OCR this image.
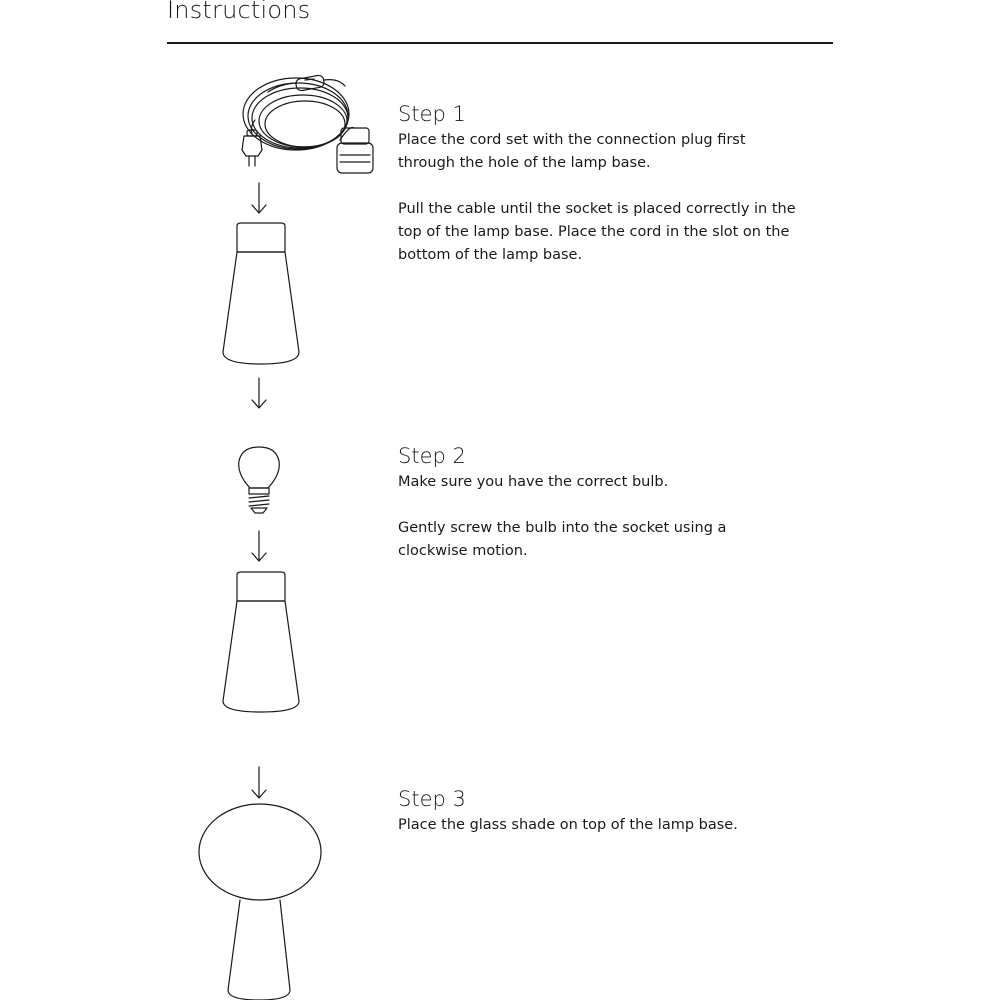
Instructions
Step 1

Place the cord set with the connection plug first through the hole of the lamp base.

Pull the cable until the socket is placed correctly in the top of the lamp base. Place the cord in the slot on the bottom of the lamp base.

Step 2

Make sure you have the correct bulb.

Gently screw the bulb into the socket using a clockwise motion.

Step 3

Place the glass shade on top of the lamp base.
